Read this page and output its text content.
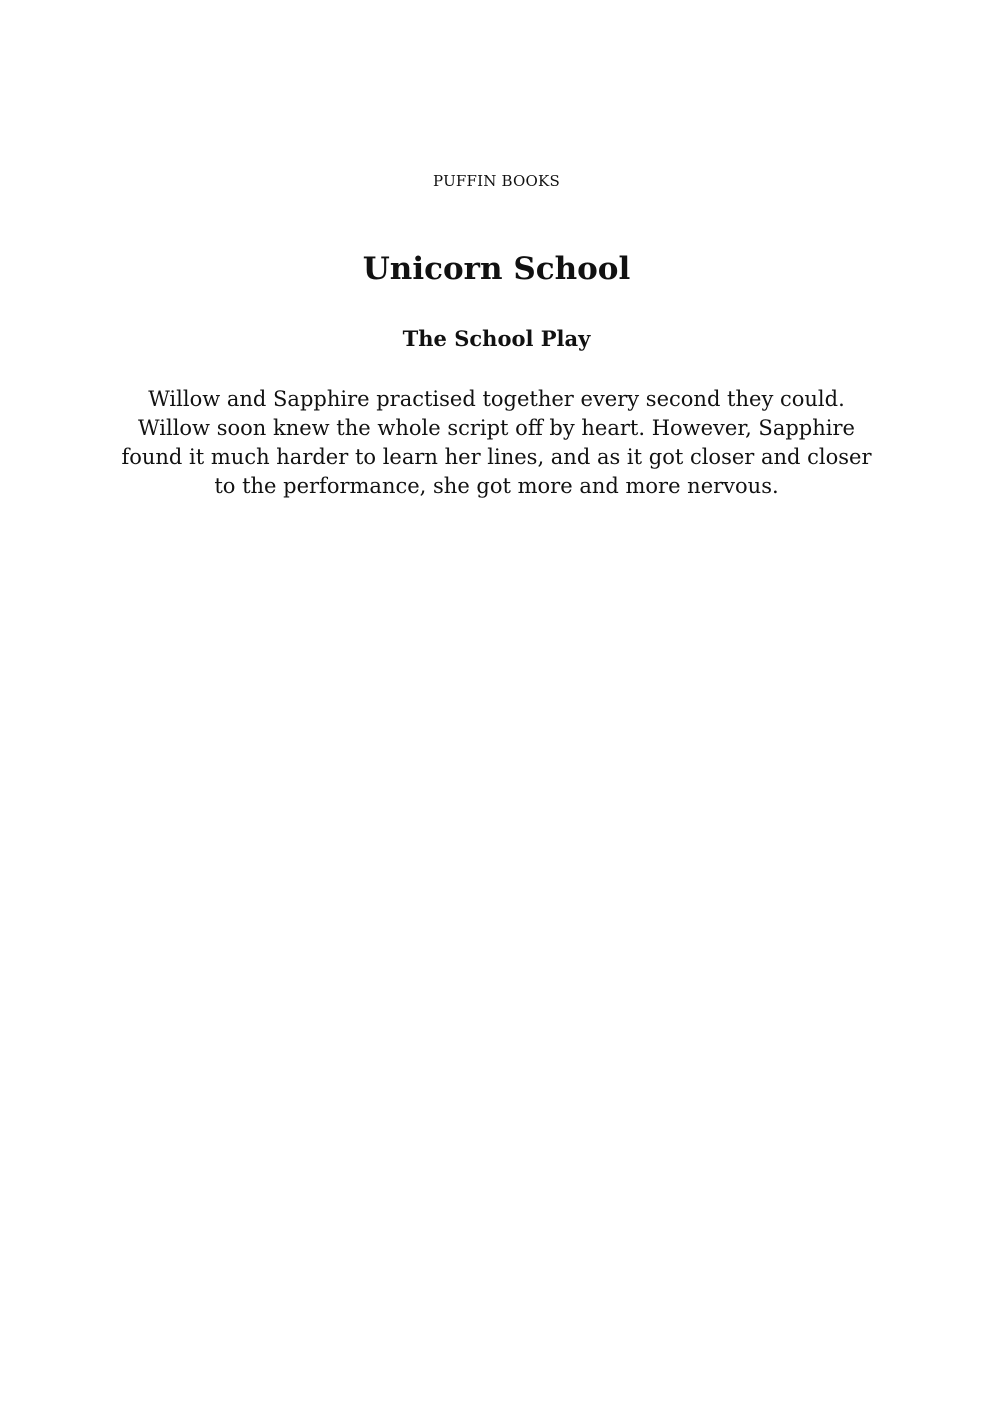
PUFFIN BOOKS
Unicorn School
The School Play

Willow and Sapphire practised together every second they could. Willow soon knew the whole script off by heart. However, Sapphire found it much harder to learn her lines, and as it got closer and closer to the performance, she got more and more nervous.
